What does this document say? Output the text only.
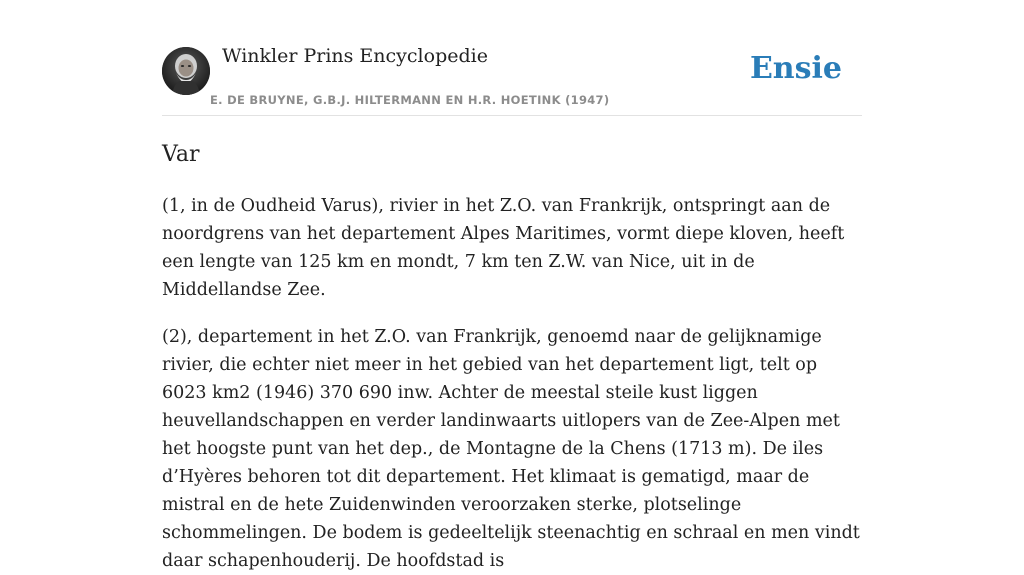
Winkler Prins Encyclopedie
E. DE BRUYNE, G.B.J. HILTERMANN EN H.R. HOETINK (1947)
Ensie
Var

(1, in de Oudheid Varus), rivier in het Z.O. van Frankrijk, ontspringt aan de noordgrens van het departement Alpes Maritimes, vormt diepe kloven, heeft een lengte van 125 km en mondt, 7 km ten Z.W. van Nice, uit in de Middellandse Zee.

(2), departement in het Z.O. van Frankrijk, genoemd naar de gelijknamige rivier, die echter niet meer in het gebied van het departement ligt, telt op 6023 km2 (1946) 370 690 inw. Achter de meestal steile kust liggen heuvellandschappen en verder landinwaarts uitlopers van de Zee-Alpen met het hoogste punt van het dep., de Montagne de la Chens (1713 m). De iles d’Hyères behoren tot dit departement. Het klimaat is gematigd, maar de mistral en de hete Zuidenwinden veroorzaken sterke, plotselinge schommelingen. De bodem is gedeeltelijk steenachtig en schraal en men vindt daar schapenhouderij. De hoofdstad is
